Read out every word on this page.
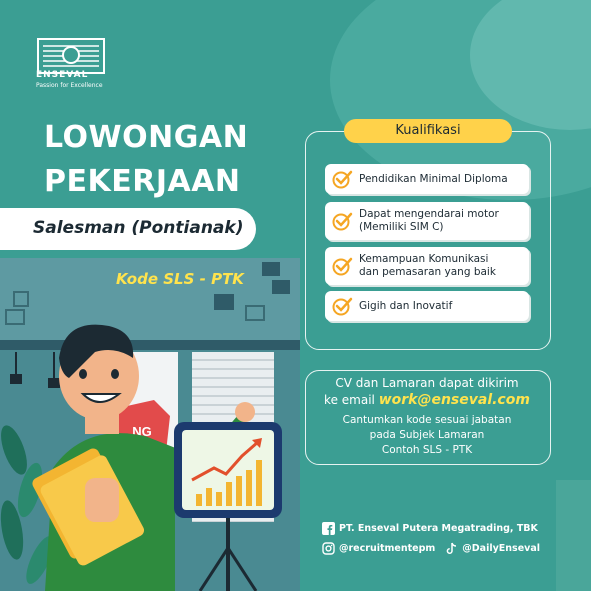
NG
ENSEVAL
Passion for Excellence
LOWONGAN
PEKERJAAN
Salesman (Pontianak)
Kode SLS - PTK
Kualifikasi
Pendidikan Minimal Diploma
Dapat mengendarai motor
(Memiliki SIM C)
Kemampuan Komunikasi
dan pemasaran yang baik
Gigih dan Inovatif
CV dan Lamaran dapat dikirim
ke email work@enseval.com
Cantumkan kode sesuai jabatan
pada Subjek Lamaran
Contoh SLS - PTK
PT. Enseval Putera Megatrading, TBK
@recruitmentepm	@DailyEnseval
